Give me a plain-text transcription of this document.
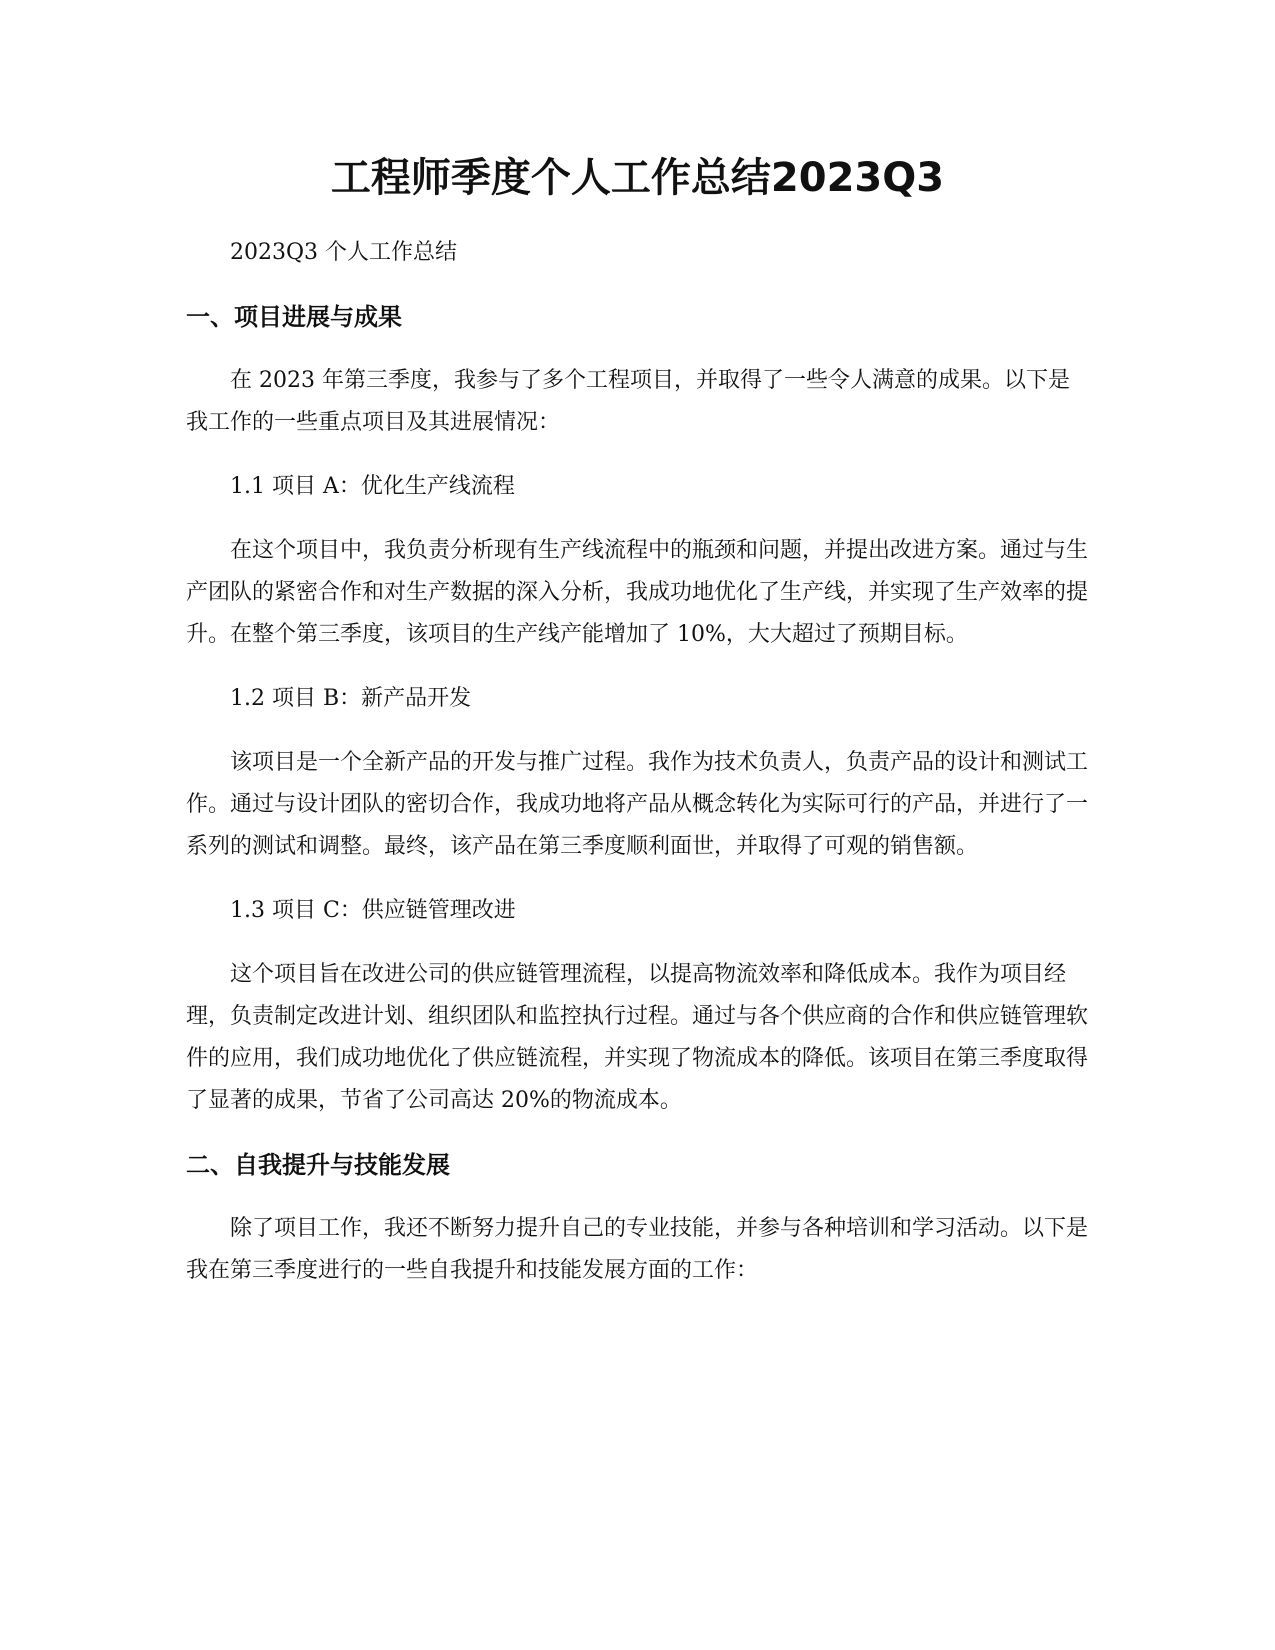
工程师季度个人工作总结2023Q3

2023Q3 个人工作总结

一、项目进展与成果

在 2023 年第三季度，我参与了多个工程项目，并取得了一些令人满意的成果。以下是我工作的一些重点项目及其进展情况：

1.1 项目 A：优化生产线流程

在这个项目中，我负责分析现有生产线流程中的瓶颈和问题，并提出改进方案。通过与生产团队的紧密合作和对生产数据的深入分析，我成功地优化了生产线，并实现了生产效率的提升。在整个第三季度，该项目的生产线产能增加了 10%，大大超过了预期目标。

1.2 项目 B：新产品开发

该项目是一个全新产品的开发与推广过程。我作为技术负责人，负责产品的设计和测试工作。通过与设计团队的密切合作，我成功地将产品从概念转化为实际可行的产品，并进行了一系列的测试和调整。最终，该产品在第三季度顺利面世，并取得了可观的销售额。

1.3 项目 C：供应链管理改进

这个项目旨在改进公司的供应链管理流程，以提高物流效率和降低成本。我作为项目经理，负责制定改进计划、组织团队和监控执行过程。通过与各个供应商的合作和供应链管理软件的应用，我们成功地优化了供应链流程，并实现了物流成本的降低。该项目在第三季度取得了显著的成果，节省了公司高达 20%的物流成本。

二、自我提升与技能发展

除了项目工作，我还不断努力提升自己的专业技能，并参与各种培训和学习活动。以下是我在第三季度进行的一些自我提升和技能发展方面的工作：
